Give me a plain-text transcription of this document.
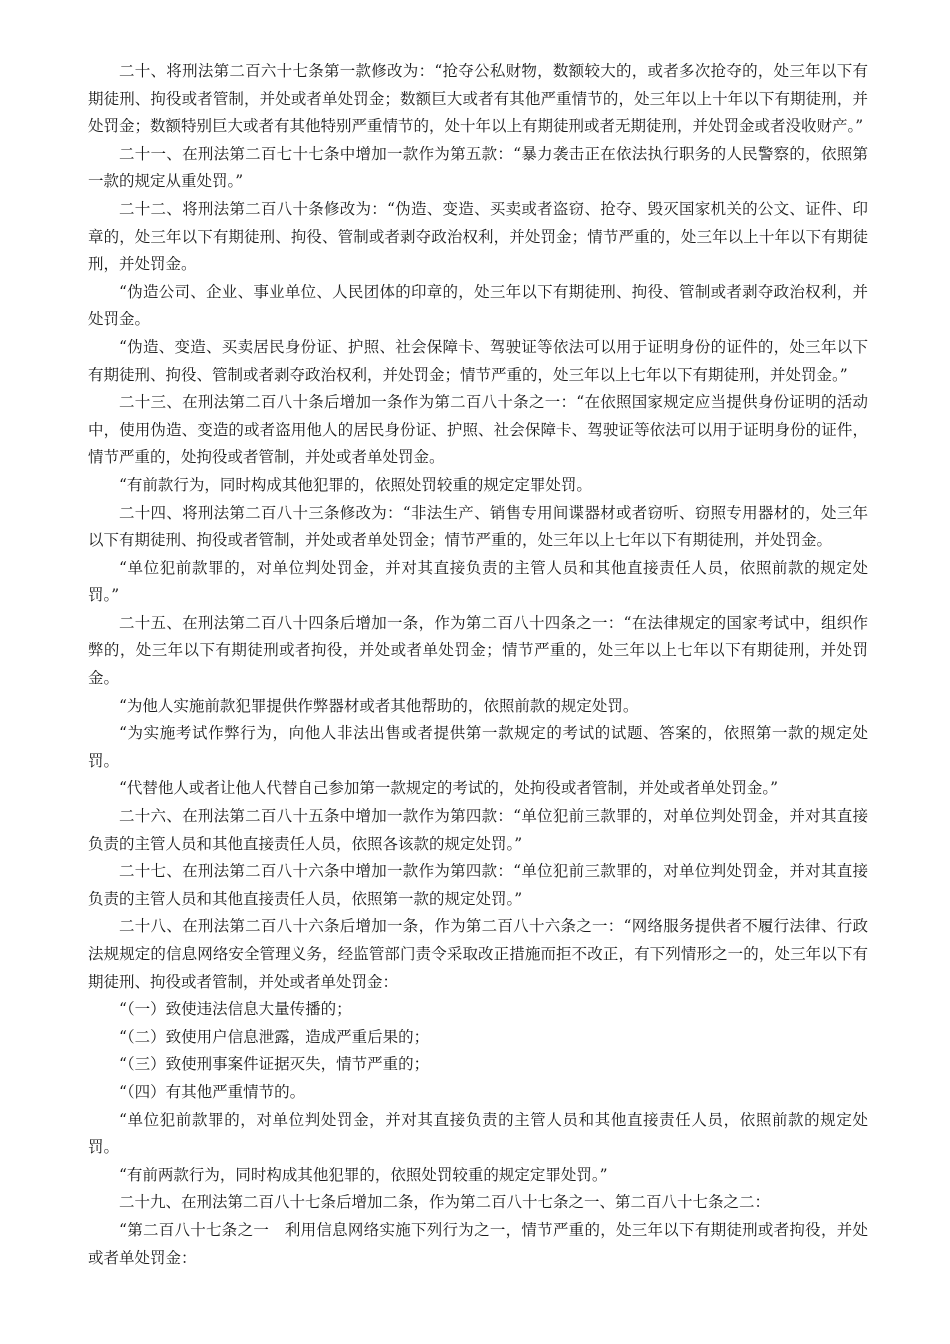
二十、将刑法第二百六十七条第一款修改为：“抢夺公私财物，数额较大的，或者多次抢夺的，处三年以下有期徒刑、拘役或者管制，并处或者单处罚金；数额巨大或者有其他严重情节的，处三年以上十年以下有期徒刑，并处罚金；数额特别巨大或者有其他特别严重情节的，处十年以上有期徒刑或者无期徒刑，并处罚金或者没收财产。”

二十一、在刑法第二百七十七条中增加一款作为第五款：“暴力袭击正在依法执行职务的人民警察的，依照第一款的规定从重处罚。”

二十二、将刑法第二百八十条修改为：“伪造、变造、买卖或者盗窃、抢夺、毁灭国家机关的公文、证件、印章的，处三年以下有期徒刑、拘役、管制或者剥夺政治权利，并处罚金；情节严重的，处三年以上十年以下有期徒刑，并处罚金。

“伪造公司、企业、事业单位、人民团体的印章的，处三年以下有期徒刑、拘役、管制或者剥夺政治权利，并处罚金。

“伪造、变造、买卖居民身份证、护照、社会保障卡、驾驶证等依法可以用于证明身份的证件的，处三年以下有期徒刑、拘役、管制或者剥夺政治权利，并处罚金；情节严重的，处三年以上七年以下有期徒刑，并处罚金。”

二十三、在刑法第二百八十条后增加一条作为第二百八十条之一：“在依照国家规定应当提供身份证明的活动中，使用伪造、变造的或者盗用他人的居民身份证、护照、社会保障卡、驾驶证等依法可以用于证明身份的证件，情节严重的，处拘役或者管制，并处或者单处罚金。

“有前款行为，同时构成其他犯罪的，依照处罚较重的规定定罪处罚。

二十四、将刑法第二百八十三条修改为：“非法生产、销售专用间谍器材或者窃听、窃照专用器材的，处三年以下有期徒刑、拘役或者管制，并处或者单处罚金；情节严重的，处三年以上七年以下有期徒刑，并处罚金。

“单位犯前款罪的，对单位判处罚金，并对其直接负责的主管人员和其他直接责任人员，依照前款的规定处罚。”

二十五、在刑法第二百八十四条后增加一条，作为第二百八十四条之一：“在法律规定的国家考试中，组织作弊的，处三年以下有期徒刑或者拘役，并处或者单处罚金；情节严重的，处三年以上七年以下有期徒刑，并处罚金。

“为他人实施前款犯罪提供作弊器材或者其他帮助的，依照前款的规定处罚。

“为实施考试作弊行为，向他人非法出售或者提供第一款规定的考试的试题、答案的，依照第一款的规定处罚。

“代替他人或者让他人代替自己参加第一款规定的考试的，处拘役或者管制，并处或者单处罚金。”

二十六、在刑法第二百八十五条中增加一款作为第四款：“单位犯前三款罪的，对单位判处罚金，并对其直接负责的主管人员和其他直接责任人员，依照各该款的规定处罚。”

二十七、在刑法第二百八十六条中增加一款作为第四款：“单位犯前三款罪的，对单位判处罚金，并对其直接负责的主管人员和其他直接责任人员，依照第一款的规定处罚。”

二十八、在刑法第二百八十六条后增加一条，作为第二百八十六条之一：“网络服务提供者不履行法律、行政法规规定的信息网络安全管理义务，经监管部门责令采取改正措施而拒不改正，有下列情形之一的，处三年以下有期徒刑、拘役或者管制，并处或者单处罚金：

“（一）致使违法信息大量传播的；

“（二）致使用户信息泄露，造成严重后果的；

“（三）致使刑事案件证据灭失，情节严重的；

“（四）有其他严重情节的。

“单位犯前款罪的，对单位判处罚金，并对其直接负责的主管人员和其他直接责任人员，依照前款的规定处罚。

“有前两款行为，同时构成其他犯罪的，依照处罚较重的规定定罪处罚。”

二十九、在刑法第二百八十七条后增加二条，作为第二百八十七条之一、第二百八十七条之二：

“第二百八十七条之一　利用信息网络实施下列行为之一，情节严重的，处三年以下有期徒刑或者拘役，并处或者单处罚金：
